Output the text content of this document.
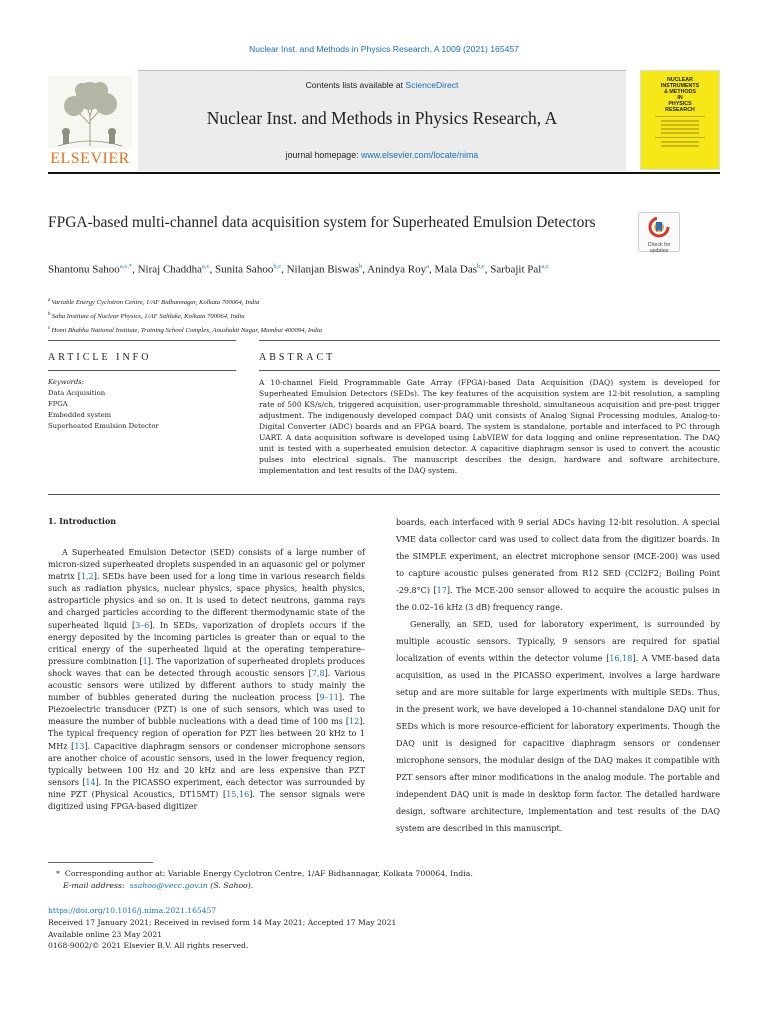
Nuclear Inst. and Methods in Physics Research, A 1009 (2021) 165457
ELSEVIER
Contents lists available at ScienceDirect
Nuclear Inst. and Methods in Physics Research, A
journal homepage: www.elsevier.com/locate/nima
NUCLEAR
INSTRUMENTS
& METHODS
IN
PHYSICS
RESEARCH
FPGA-based multi-channel data acquisition system for Superheated Emulsion Detectors
Check for
updates
Shantonu Sahoo$^{a,c,*}$, Niraj Chaddha$^{a,c}$, Sunita Sahoo$^{b,c}$, Nilanjan Biswas$^b$, Anindya Roy$^a$, Mala Das$^{b,c}$, Sarbajit Pal$^{a,c}$
$^a$ Variable Energy Cyclotron Centre, 1/AF Bidhannagar, Kolkata 700064, India
$^b$ Saha Institute of Nuclear Physics, 1/AF Saltlake, Kolkata 700064, India
$^c$ Homi Bhabha National Institute, Training School Complex, Anushakti Nagar, Mumbai 400094, India
ARTICLE INFO	ABSTRACT
Keywords:
Data Acquisition
FPGA
Embedded system
Superheated Emulsion Detector
A 10-channel Field Programmable Gate Array (FPGA)-based Data Acquisition (DAQ) system is developed for Superheated Emulsion Detectors (SEDs). The key features of the acquisition system are 12-bit resolution, a sampling rate of 500 KS/s/ch, triggered acquisition, user-programmable threshold, simultaneous acquisition and pre-post trigger adjustment. The indigenously developed compact DAQ unit consists of Analog Signal Processing modules, Analog-to-Digital Converter (ADC) boards and an FPGA board. The system is standalone, portable and interfaced to PC through UART. A data acquisition software is developed using LabVIEW for data logging and online representation. The DAQ unit is tested with a superheated emulsion detector. A capacitive diaphragm sensor is used to convert the acoustic pulses into electrical signals. The manuscript describes the design, hardware and software architecture, implementation and test results of the DAQ system.
1. Introduction

A Superheated Emulsion Detector (SED) consists of a large number of micron-sized superheated droplets suspended in an aquasonic gel or polymer matrix [1,2]. SEDs have been used for a long time in various research fields such as radiation physics, nuclear physics, space physics, health physics, astroparticle physics and so on. It is used to detect neutrons, gamma rays and charged particles according to the different thermodynamic state of the superheated liquid [3–6]. In SEDs, vaporization of droplets occurs if the energy deposited by the incoming particles is greater than or equal to the critical energy of the superheated liquid at the operating temperature–pressure combination [1]. The vaporization of superheated droplets produces shock waves that can be detected through acoustic sensors [7,8]. Various acoustic sensors were utilized by different authors to study mainly the number of bubbles generated during the nucleation process [9–11]. The Piezoelectric transducer (PZT) is one of such sensors, which was used to measure the number of bubble nucleations with a dead time of 100 ms [12]. The typical frequency region of operation for PZT lies between 20 kHz to 1 MHz [13]. Capacitive diaphragm sensors or condenser microphone sensors are another choice of acoustic sensors, used in the lower frequency region, typically between 100 Hz and 20 kHz and are less expensive than PZT sensors [14]. In the PICASSO experiment, each detector was surrounded by nine PZT (Physical Acoustics, DT15MT) [15,16]. The sensor signals were digitized using FPGA-based digitizer

boards, each interfaced with 9 serial ADCs having 12-bit resolution. A special VME data collector card was used to collect data from the digitizer boards. In the SIMPLE experiment, an electret microphone sensor (MCE-200) was used to capture acoustic pulses generated from R12 SED (CCl2F2; Boiling Point -29.8°C) [17]. The MCE-200 sensor allowed to acquire the acoustic pulses in the 0.02–16 kHz (3 dB) frequency range.

Generally, an SED, used for laboratory experiment, is surrounded by multiple acoustic sensors. Typically, 9 sensors are required for spatial localization of events within the detector volume [16,18]. A VME-based data acquisition, as used in the PICASSO experiment, involves a large hardware setup and are more suitable for large experiments with multiple SEDs. Thus, in the present work, we have developed a 10-channel standalone DAQ unit for SEDs which is more resource-efficient for laboratory experiments. Though the DAQ unit is designed for capacitive diaphragm sensors or condenser microphone sensors, the modular design of the DAQ makes it compatible with PZT sensors after minor modifications in the analog module. The portable and independent DAQ unit is made in desktop form factor. The detailed hardware design, software architecture, implementation and test results of the DAQ system are described in this manuscript.

*  Corresponding author at: Variable Energy Cyclotron Centre, 1/AF Bidhannagar, Kolkata 700064, India.
E-mail address: ssahoo@vecc.gov.in (S. Sahoo).
https://doi.org/10.1016/j.nima.2021.165457
Received 17 January 2021; Received in revised form 14 May 2021; Accepted 17 May 2021
Available online 23 May 2021
0168-9002/© 2021 Elsevier B.V. All rights reserved.
